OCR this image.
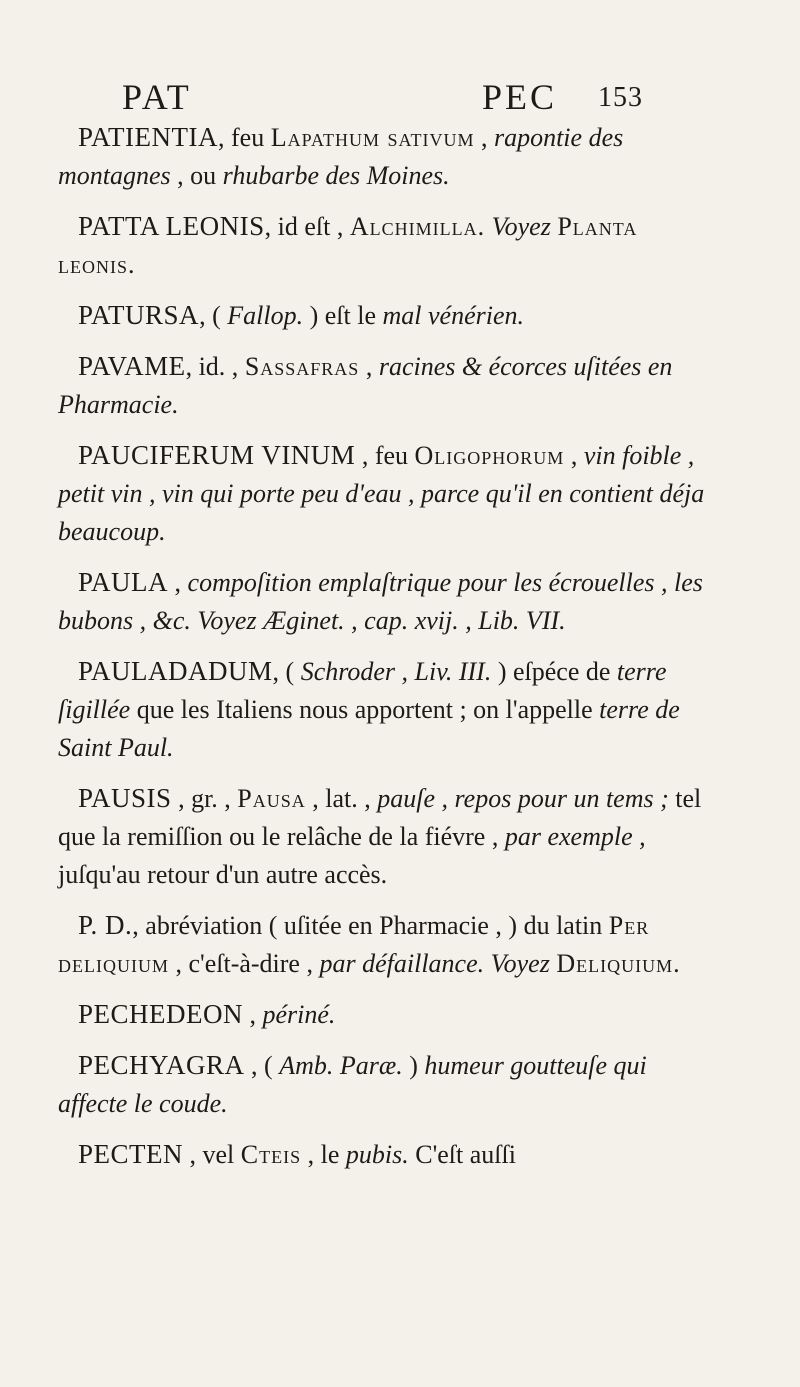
PAT	PEC 153

PATIENTIA, feu Lapathum sativum , rapontie des montagnes , ou rhubarbe des Moines.

PATTA LEONIS, id eſt , Alchimilla. Voyez Planta leonis.

PATURSA, ( Fallop. ) eſt le mal vénérien.

PAVAME, id. , Sassafras , racines & écorces uſitées en Pharmacie.

PAUCIFERUM VINUM , feu Oligophorum , vin foible , petit vin , vin qui porte peu d'eau , parce qu'il en contient déja beaucoup.

PAULA , compoſition emplaſtrique pour les écrouelles , les bubons , &c. Voyez Æginet. , cap. xvij. , Lib. VII.

PAULADADUM, ( Schroder , Liv. III. ) eſpéce de terre ſigillée que les Italiens nous apportent ; on l'appelle terre de Saint Paul.

PAUSIS , gr. , Pausa , lat. , pauſe , repos pour un tems ; tel que la remiſſion ou le relâche de la fiévre , par exemple , juſqu'au retour d'un autre accès.

P. D., abréviation ( uſitée en Pharmacie , ) du latin Per deliquium , c'eſt-à-dire , par défaillance. Voyez Deliquium.

PECHEDEON , périné.

PECHYAGRA , ( Amb. Paræ. ) humeur goutteuſe qui affecte le coude.

PECTEN , vel Cteis , le pubis. C'eſt auſſi
